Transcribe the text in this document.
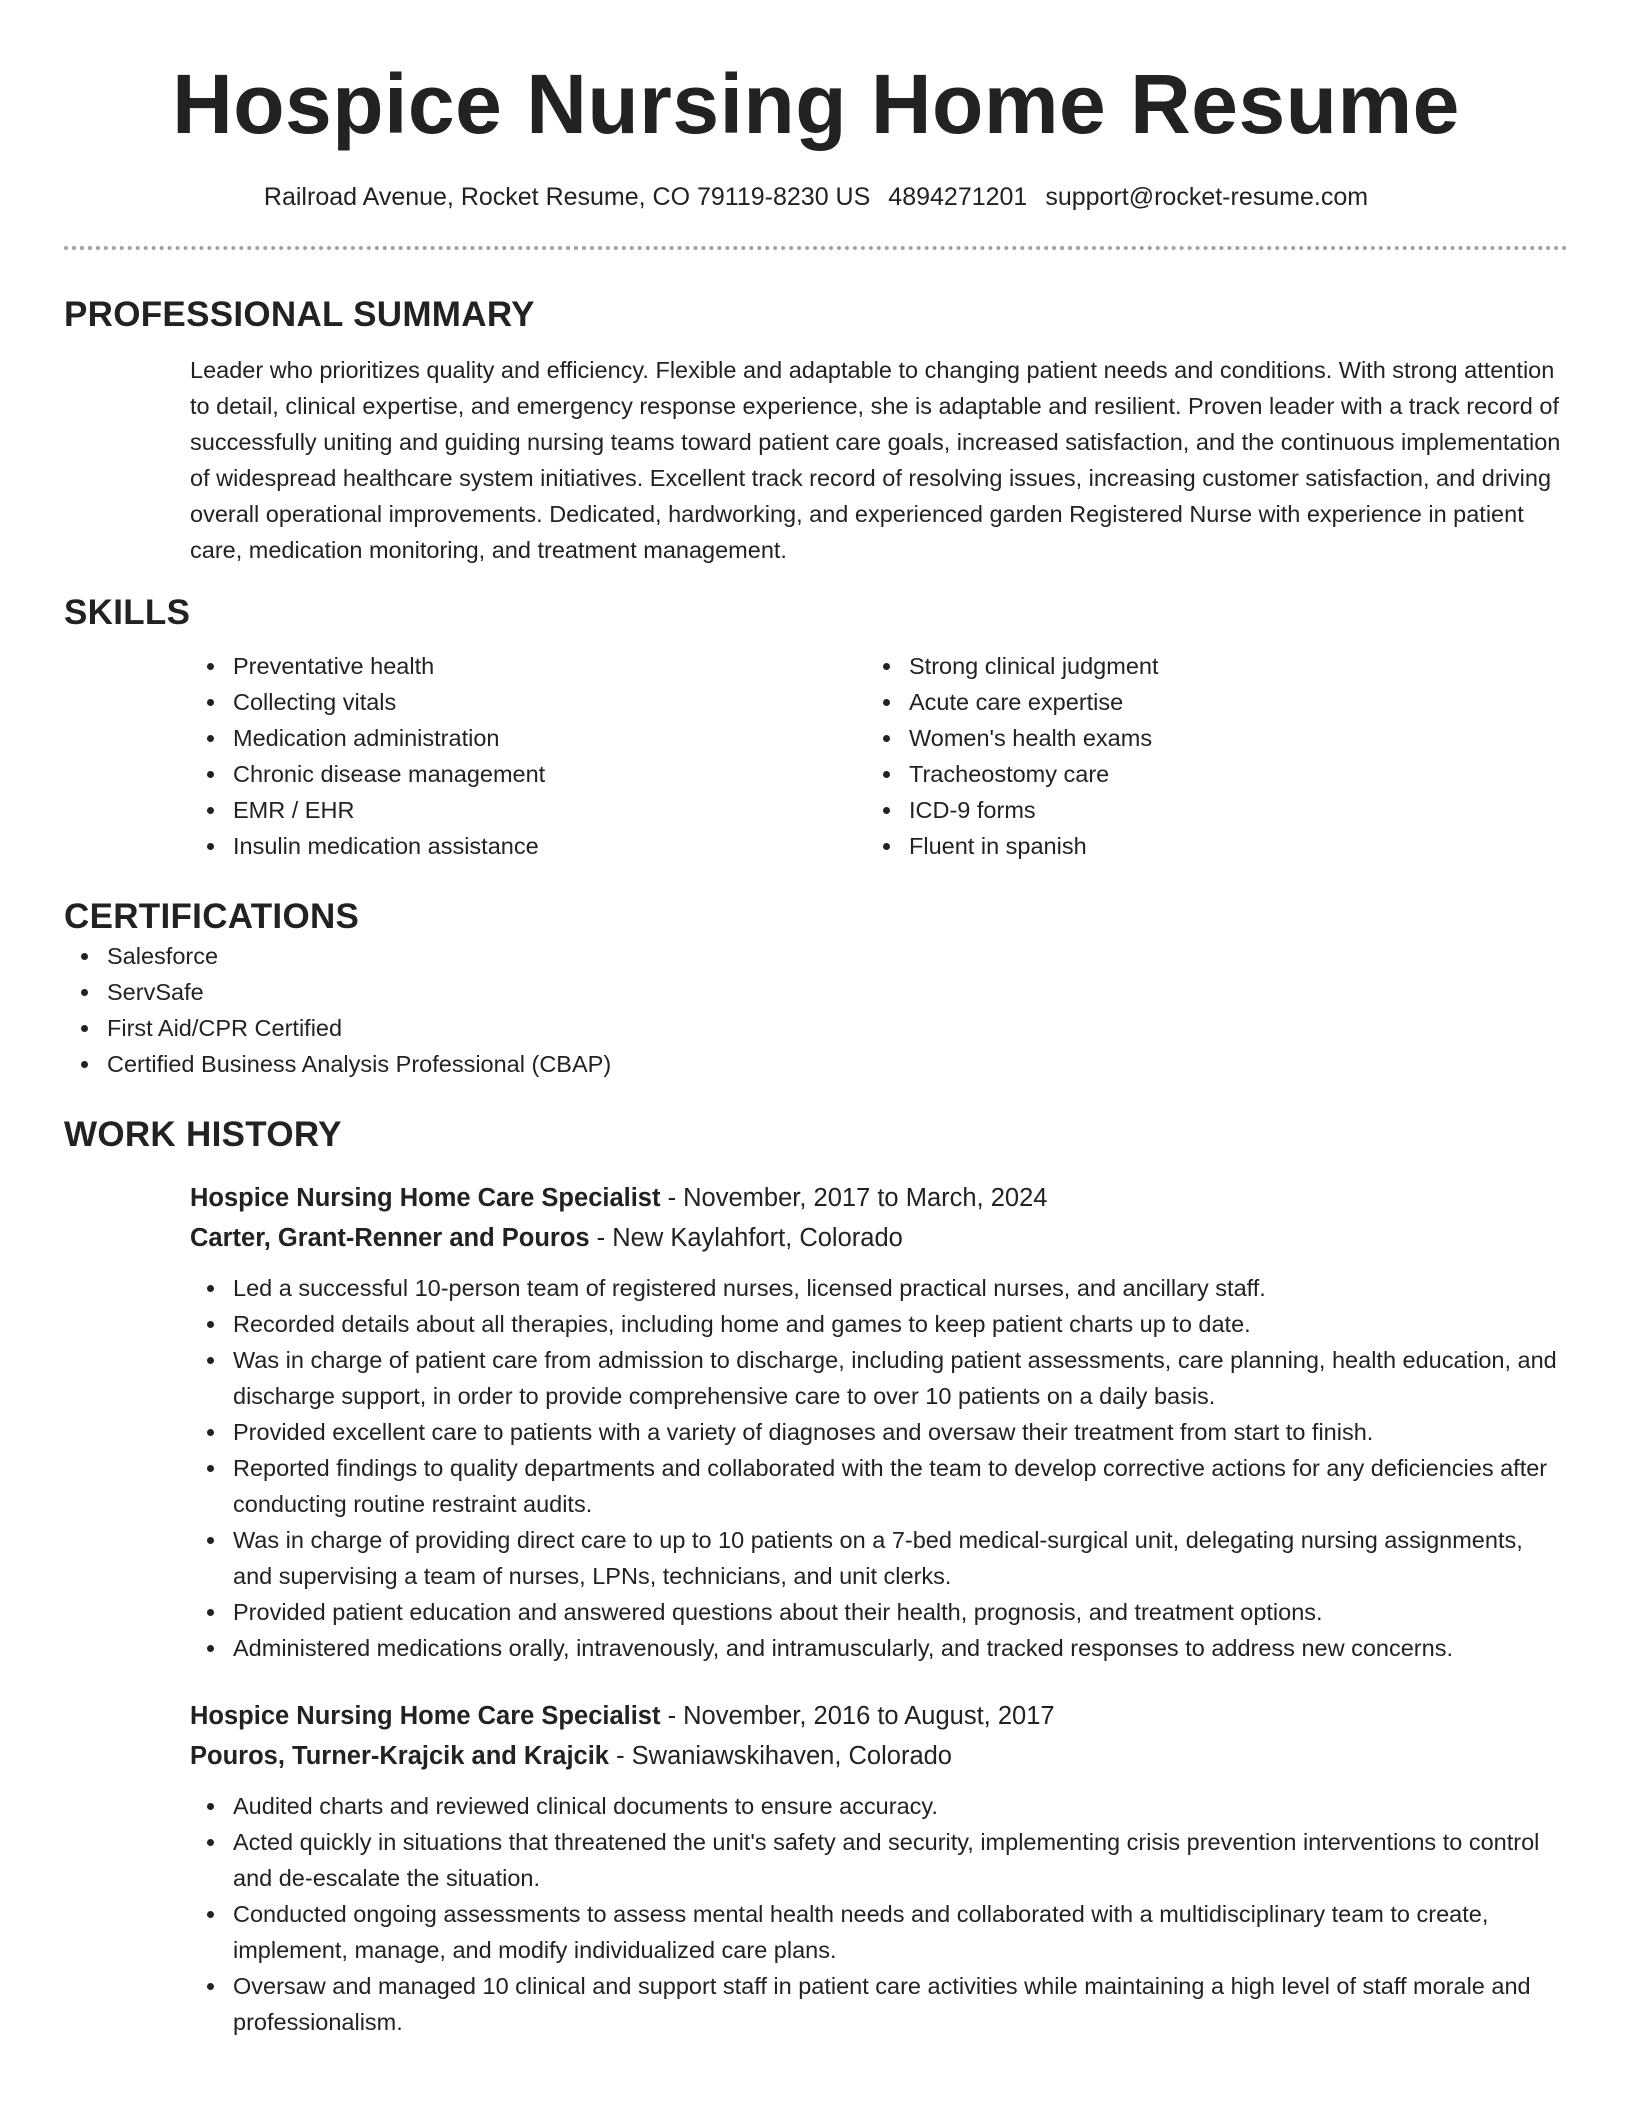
Hospice Nursing Home Resume
Railroad Avenue, Rocket Resume, CO 79119-8230 US 4894271201 support@rocket-resume.com
PROFESSIONAL SUMMARY

Leader who prioritizes quality and efficiency. Flexible and adaptable to changing patient needs and conditions. With strong attention to detail, clinical expertise, and emergency response experience, she is adaptable and resilient. Proven leader with a track record of successfully uniting and guiding nursing teams toward patient care goals, increased satisfaction, and the continuous implementation of widespread healthcare system initiatives. Excellent track record of resolving issues, increasing customer satisfaction, and driving overall operational improvements. Dedicated, hardworking, and experienced garden Registered Nurse with experience in patient care, medication monitoring, and treatment management.

SKILLS
Preventative health
Collecting vitals
Medication administration
Chronic disease management
EMR / EHR
Insulin medication assistance
Strong clinical judgment
Acute care expertise
Women's health exams
Tracheostomy care
ICD-9 forms
Fluent in spanish
CERTIFICATIONS
Salesforce
ServSafe
First Aid/CPR Certified
Certified Business Analysis Professional (CBAP)
WORK HISTORY
Hospice Nursing Home Care Specialist - November, 2017 to March, 2024
Carter, Grant-Renner and Pouros - New Kaylahfort, Colorado
Led a successful 10-person team of registered nurses, licensed practical nurses, and ancillary staff.
Recorded details about all therapies, including home and games to keep patient charts up to date.
Was in charge of patient care from admission to discharge, including patient assessments, care planning, health education, and discharge support, in order to provide comprehensive care to over 10 patients on a daily basis.
Provided excellent care to patients with a variety of diagnoses and oversaw their treatment from start to finish.
Reported findings to quality departments and collaborated with the team to develop corrective actions for any deficiencies after conducting routine restraint audits.
Was in charge of providing direct care to up to 10 patients on a 7-bed medical-surgical unit, delegating nursing assignments, and supervising a team of nurses, LPNs, technicians, and unit clerks.
Provided patient education and answered questions about their health, prognosis, and treatment options.
Administered medications orally, intravenously, and intramuscularly, and tracked responses to address new concerns.
Hospice Nursing Home Care Specialist - November, 2016 to August, 2017
Pouros, Turner-Krajcik and Krajcik - Swaniawskihaven, Colorado
Audited charts and reviewed clinical documents to ensure accuracy.
Acted quickly in situations that threatened the unit's safety and security, implementing crisis prevention interventions to control and de-escalate the situation.
Conducted ongoing assessments to assess mental health needs and collaborated with a multidisciplinary team to create, implement, manage, and modify individualized care plans.
Oversaw and managed 10 clinical and support staff in patient care activities while maintaining a high level of staff morale and professionalism.
